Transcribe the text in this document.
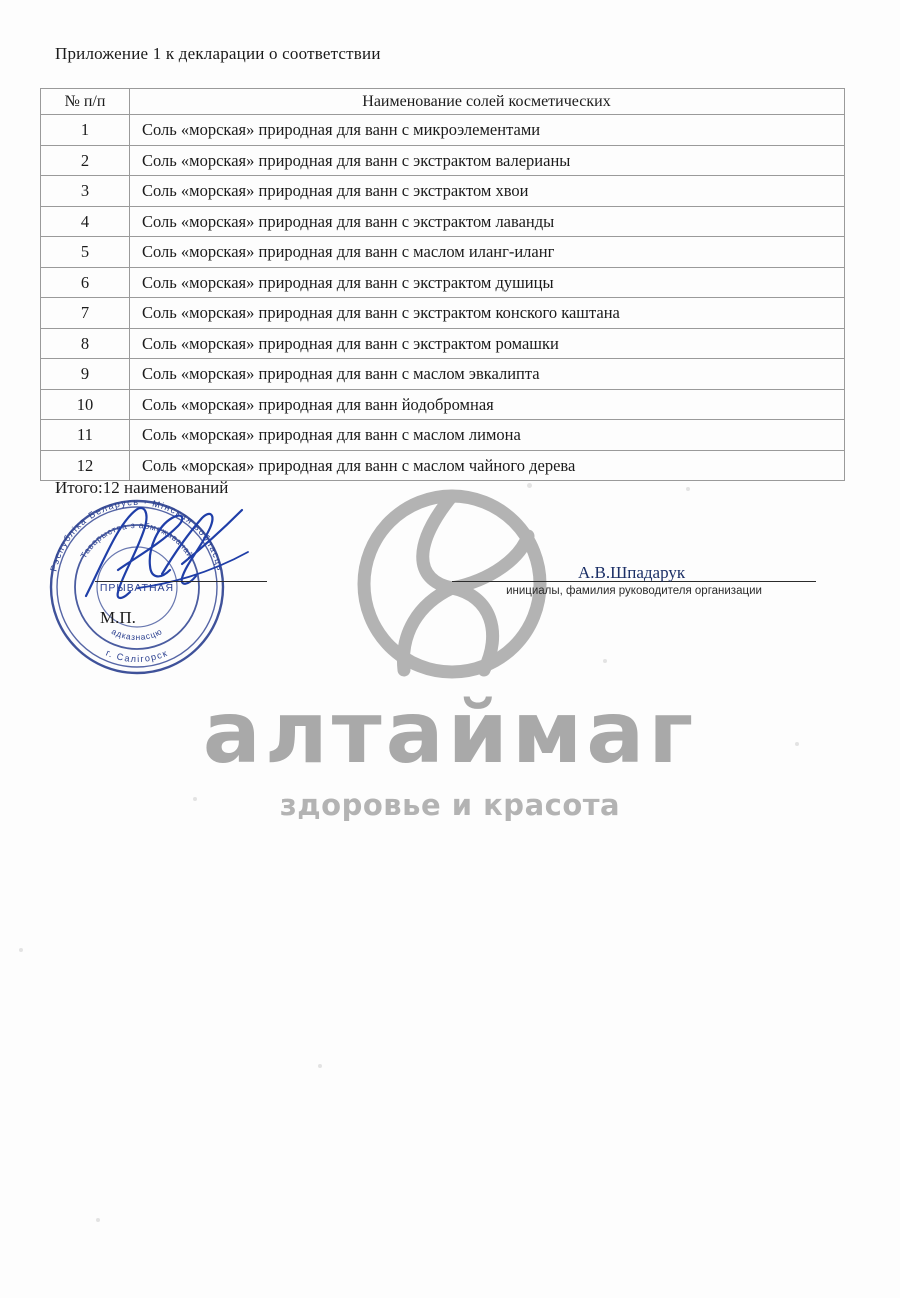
Приложение 1 к декларации о соответствии
№ п/п	Наименование солей косметических
1	Соль «морская» природная для ванн с микроэлементами
2	Соль «морская» природная для ванн с экстрактом валерианы
3	Соль «морская» природная для ванн с экстрактом хвои
4	Соль «морская» природная для ванн с экстрактом лаванды
5	Соль «морская» природная для ванн с маслом иланг-иланг
6	Соль «морская» природная для ванн с экстрактом душицы
7	Соль «морская» природная для ванн с экстрактом конского каштана
8	Соль «морская» природная для ванн с экстрактом ромашки
9	Соль «морская» природная для ванн с маслом эвкалипта
10	Соль «морская» природная для ванн йодобромная
11	Соль «морская» природная для ванн с маслом лимона
12	Соль «морская» природная для ванн с маслом чайного дерева
Итого:12 наименований
алтаймаг
здоровье и красота
Рэспублiка Беларусь · Мiнская вобласць
г. Салiгорск
Таварыства з абмежаванай
адказнасцю
ПРЫВАТНАЯ
М.П.
А.В.Шпадарук
инициалы, фамилия руководителя организации
